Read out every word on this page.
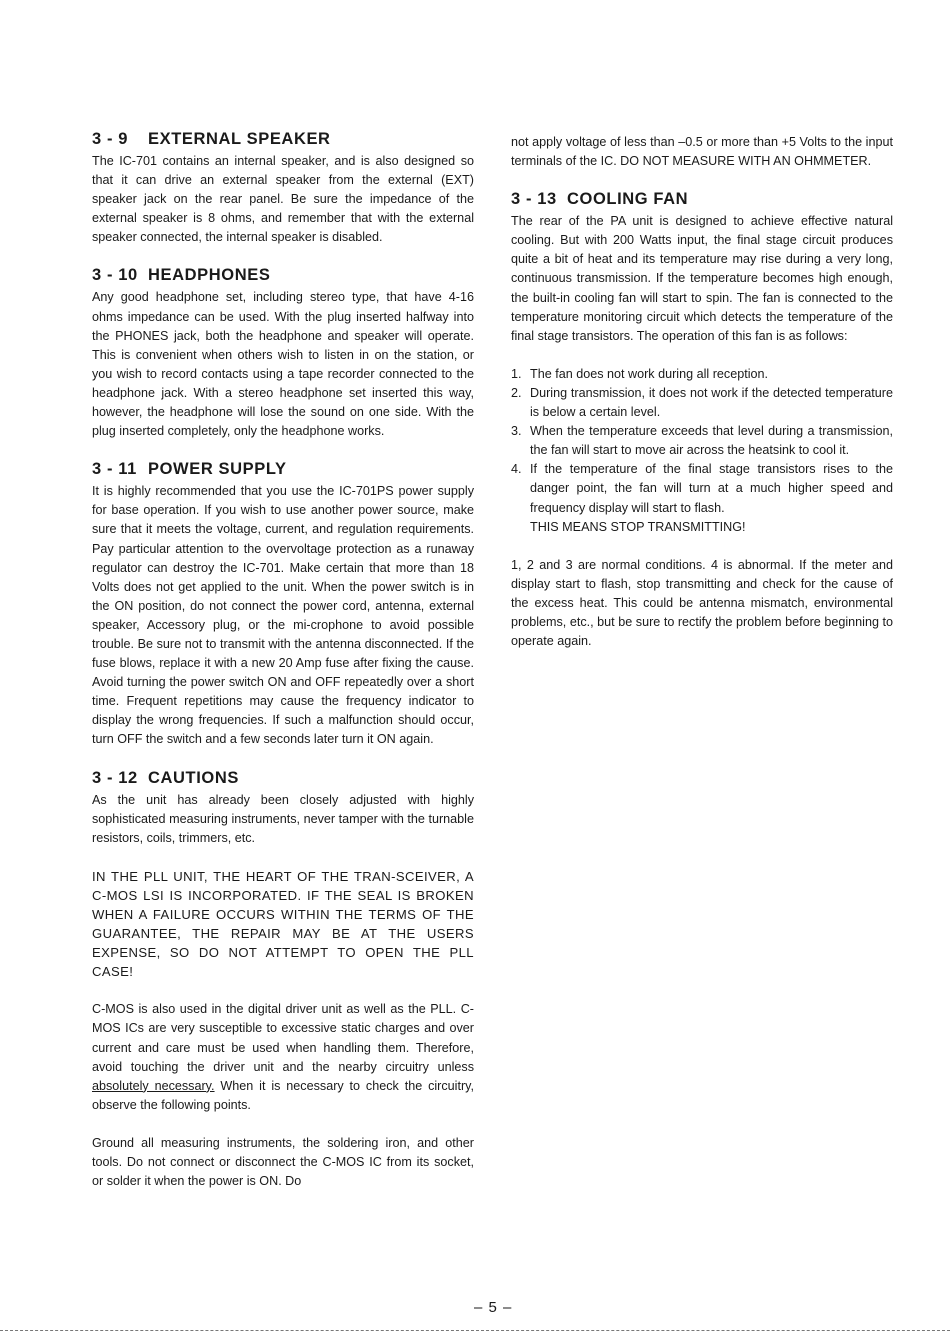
3 - 9 EXTERNAL SPEAKER

The IC-701 contains an internal speaker, and is also designed so that it can drive an external speaker from the external (EXT) speaker jack on the rear panel. Be sure the impedance of the external speaker is 8 ohms, and remember that with the external speaker connected, the internal speaker is disabled.

3 - 10 HEADPHONES

Any good headphone set, including stereo type, that have 4-16 ohms impedance can be used. With the plug inserted halfway into the PHONES jack, both the headphone and speaker will operate. This is convenient when others wish to listen in on the station, or you wish to record contacts using a tape recorder connected to the headphone jack. With a stereo headphone set inserted this way, however, the headphone will lose the sound on one side. With the plug inserted completely, only the headphone works.

3 - 11 POWER SUPPLY

It is highly recommended that you use the IC-701PS power supply for base operation. If you wish to use another power source, make sure that it meets the voltage, current, and regulation requirements. Pay particular attention to the overvoltage protection as a runaway regulator can destroy the IC-701. Make certain that more than 18 Volts does not get applied to the unit. When the power switch is in the ON position, do not connect the power cord, antenna, external speaker, Accessory plug, or the mi-crophone to avoid possible trouble. Be sure not to transmit with the antenna disconnected. If the fuse blows, replace it with a new 20 Amp fuse after fixing the cause. Avoid turning the power switch ON and OFF repeatedly over a short time. Frequent repetitions may cause the frequency indicator to display the wrong frequencies. If such a malfunction should occur, turn OFF the switch and a few seconds later turn it ON again.

3 - 12 CAUTIONS

As the unit has already been closely adjusted with highly sophisticated measuring instruments, never tamper with the turnable resistors, coils, trimmers, etc.

IN THE PLL UNIT, THE HEART OF THE TRAN-SCEIVER, A C-MOS LSI IS INCORPORATED. IF THE SEAL IS BROKEN WHEN A FAILURE OCCURS WITHIN THE TERMS OF THE GUARANTEE, THE REPAIR MAY BE AT THE USERS EXPENSE, SO DO NOT ATTEMPT TO OPEN THE PLL CASE!

C-MOS is also used in the digital driver unit as well as the PLL. C-MOS ICs are very susceptible to excessive static charges and over current and care must be used when handling them. Therefore, avoid touching the driver unit and the nearby circuitry unless absolutely necessary. When it is necessary to check the circuitry, observe the following points.

Ground all measuring instruments, the soldering iron, and other tools. Do not connect or disconnect the C-MOS IC from its socket, or solder it when the power is ON. Do

not apply voltage of less than –0.5 or more than +5 Volts to the input terminals of the IC. DO NOT MEASURE WITH AN OHMMETER.

3 - 13 COOLING FAN

The rear of the PA unit is designed to achieve effective natural cooling. But with 200 Watts input, the final stage circuit produces quite a bit of heat and its temperature may rise during a very long, continuous transmission. If the temperature becomes high enough, the built-in cooling fan will start to spin. The fan is connected to the temperature monitoring circuit which detects the temperature of the final stage transistors. The operation of this fan is as follows:

1. The fan does not work during all reception.
2. During transmission, it does not work if the detected temperature is below a certain level.
3. When the temperature exceeds that level during a transmission, the fan will start to move air across the heatsink to cool it.
4. If the temperature of the final stage transistors rises to the danger point, the fan will turn at a much higher speed and frequency display will start to flash.
THIS MEANS STOP TRANSMITTING!

1, 2 and 3 are normal conditions. 4 is abnormal. If the meter and display start to flash, stop transmitting and check for the cause of the excess heat. This could be antenna mismatch, environmental problems, etc., but be sure to rectify the problem before beginning to operate again.

– 5 –
